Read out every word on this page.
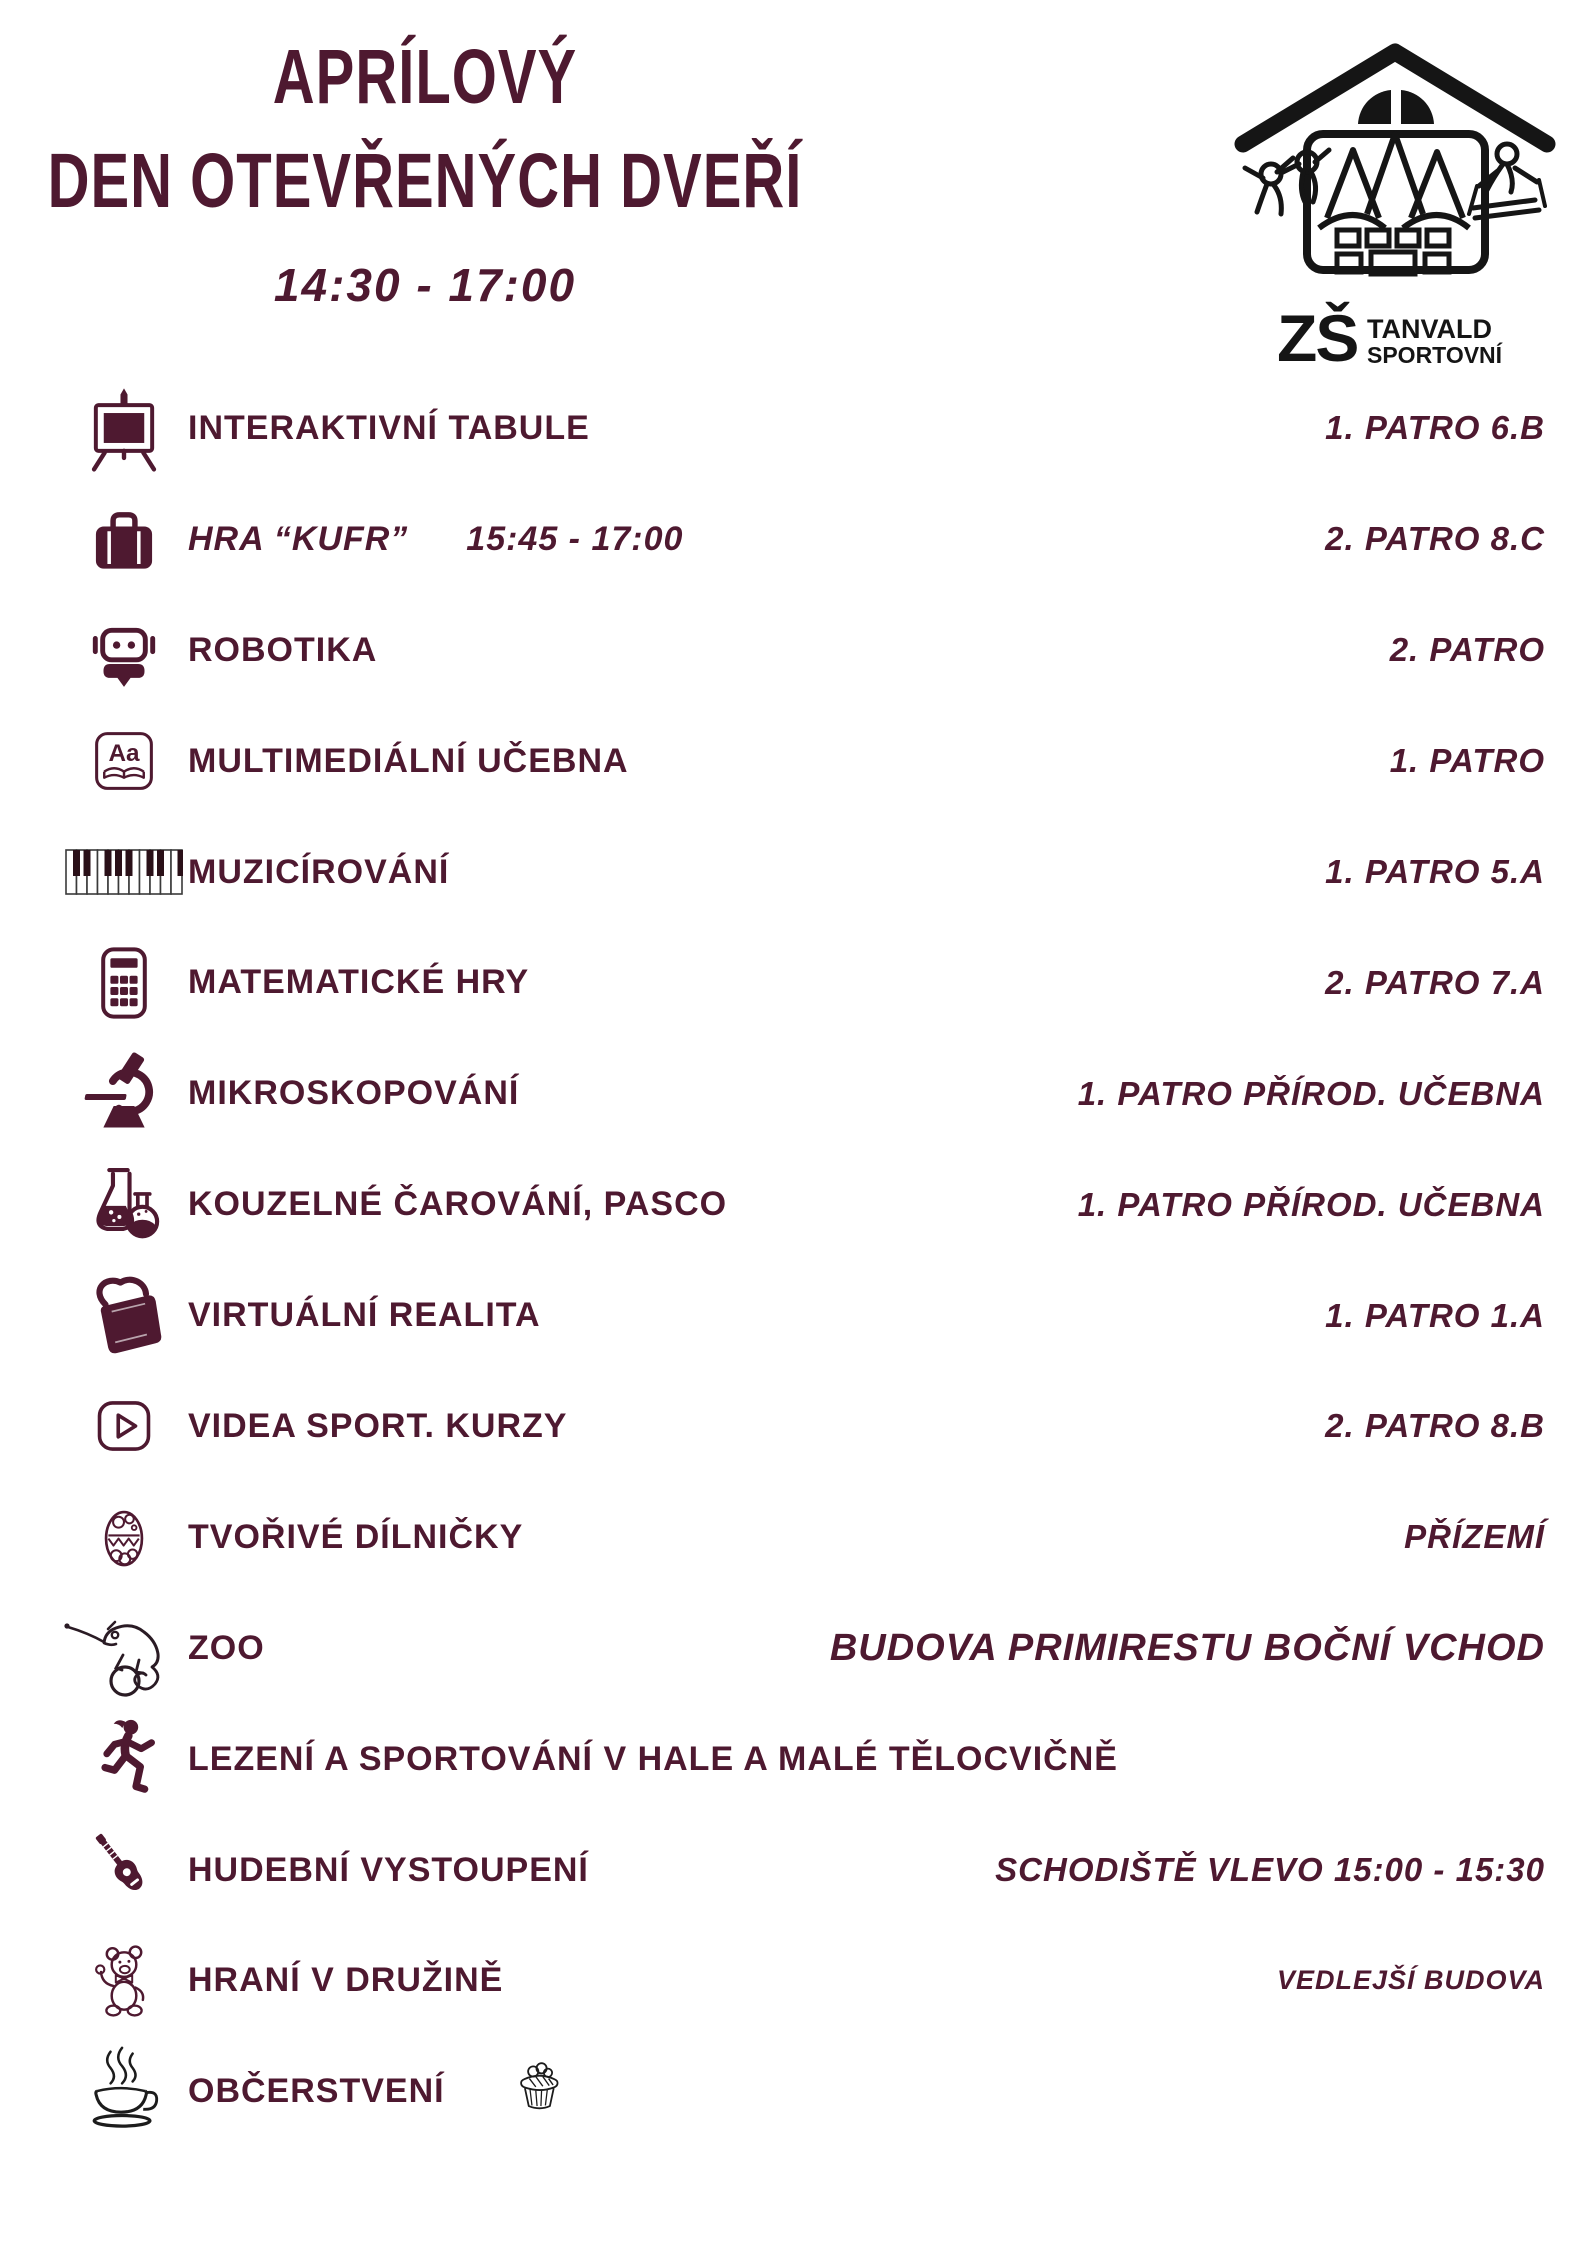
APRÍLOVÝ
DEN OTEVŘENÝCH DVEŘÍ
14:30 - 17:00
ZŠ TANVALD
SPORTOVNÍ
INTERAKTIVNÍ TABULE	1. PATRO 6.B
HRA “KUFR” 15:45 - 17:00	2. PATRO 8.C
ROBOTIKA	2. PATRO
Aa MULTIMEDIÁLNÍ UČEBNA	1. PATRO
MUZICÍROVÁNÍ	1. PATRO 5.A
MATEMATICKÉ HRY	2. PATRO 7.A
MIKROSKOPOVÁNÍ	1. PATRO PŘÍROD. UČEBNA
KOUZELNÉ ČAROVÁNÍ, PASCO	1. PATRO PŘÍROD. UČEBNA
VIRTUÁLNÍ REALITA	1. PATRO 1.A
VIDEA SPORT. KURZY	2. PATRO 8.B
TVOŘIVÉ DÍLNIČKY	PŘÍZEMÍ
ZOO	BUDOVA PRIMIRESTU BOČNÍ VCHOD
LEZENÍ A SPORTOVÁNÍ V HALE A MALÉ TĚLOCVIČNĚ
HUDEBNÍ VYSTOUPENÍ	SCHODIŠTĚ VLEVO 15:00 - 15:30
HRANÍ V DRUŽINĚ	VEDLEJŠÍ BUDOVA
OBČERSTVENÍ
